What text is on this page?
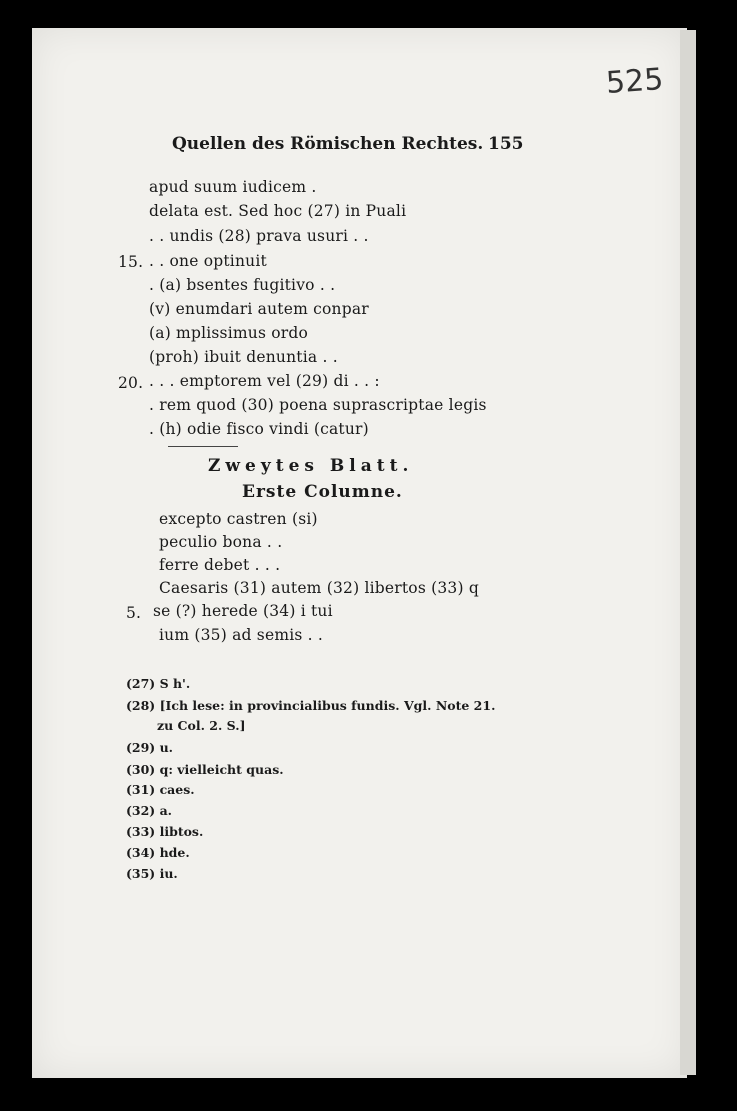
525
Quellen des Römischen Rechtes. 155
15.
20.
apud suum iudicem .
delata est. Sed hoc (27) in Puali
. . undis (28) prava usuri . .
. . one optinuit
. (a) bsentes fugitivo . .
(v) enumdari autem conpar
(a) mplissimus ordo
(proh) ibuit denuntia . .
. . . emptorem vel (29) di . . :
. rem quod (30) poena suprascriptae legis
. (h) odie fisco vindi (catur)
Zweytes Blatt.
Erste Columne.
excepto castren (si)
peculio bona . .
ferre debet . . .
Caesaris (31) autem (32) libertos (33) q
5. se (?) herede (34) i tui
ium (35) ad semis . .
(27) S h'.
(28) [Ich lese: in provincialibus fundis. Vgl. Note 21.
zu Col. 2. S.]
(29) u.
(30) q: vielleicht quas.
(31) caes.
(32) a.
(33) libtos.
(34) hde.
(35) iu.
